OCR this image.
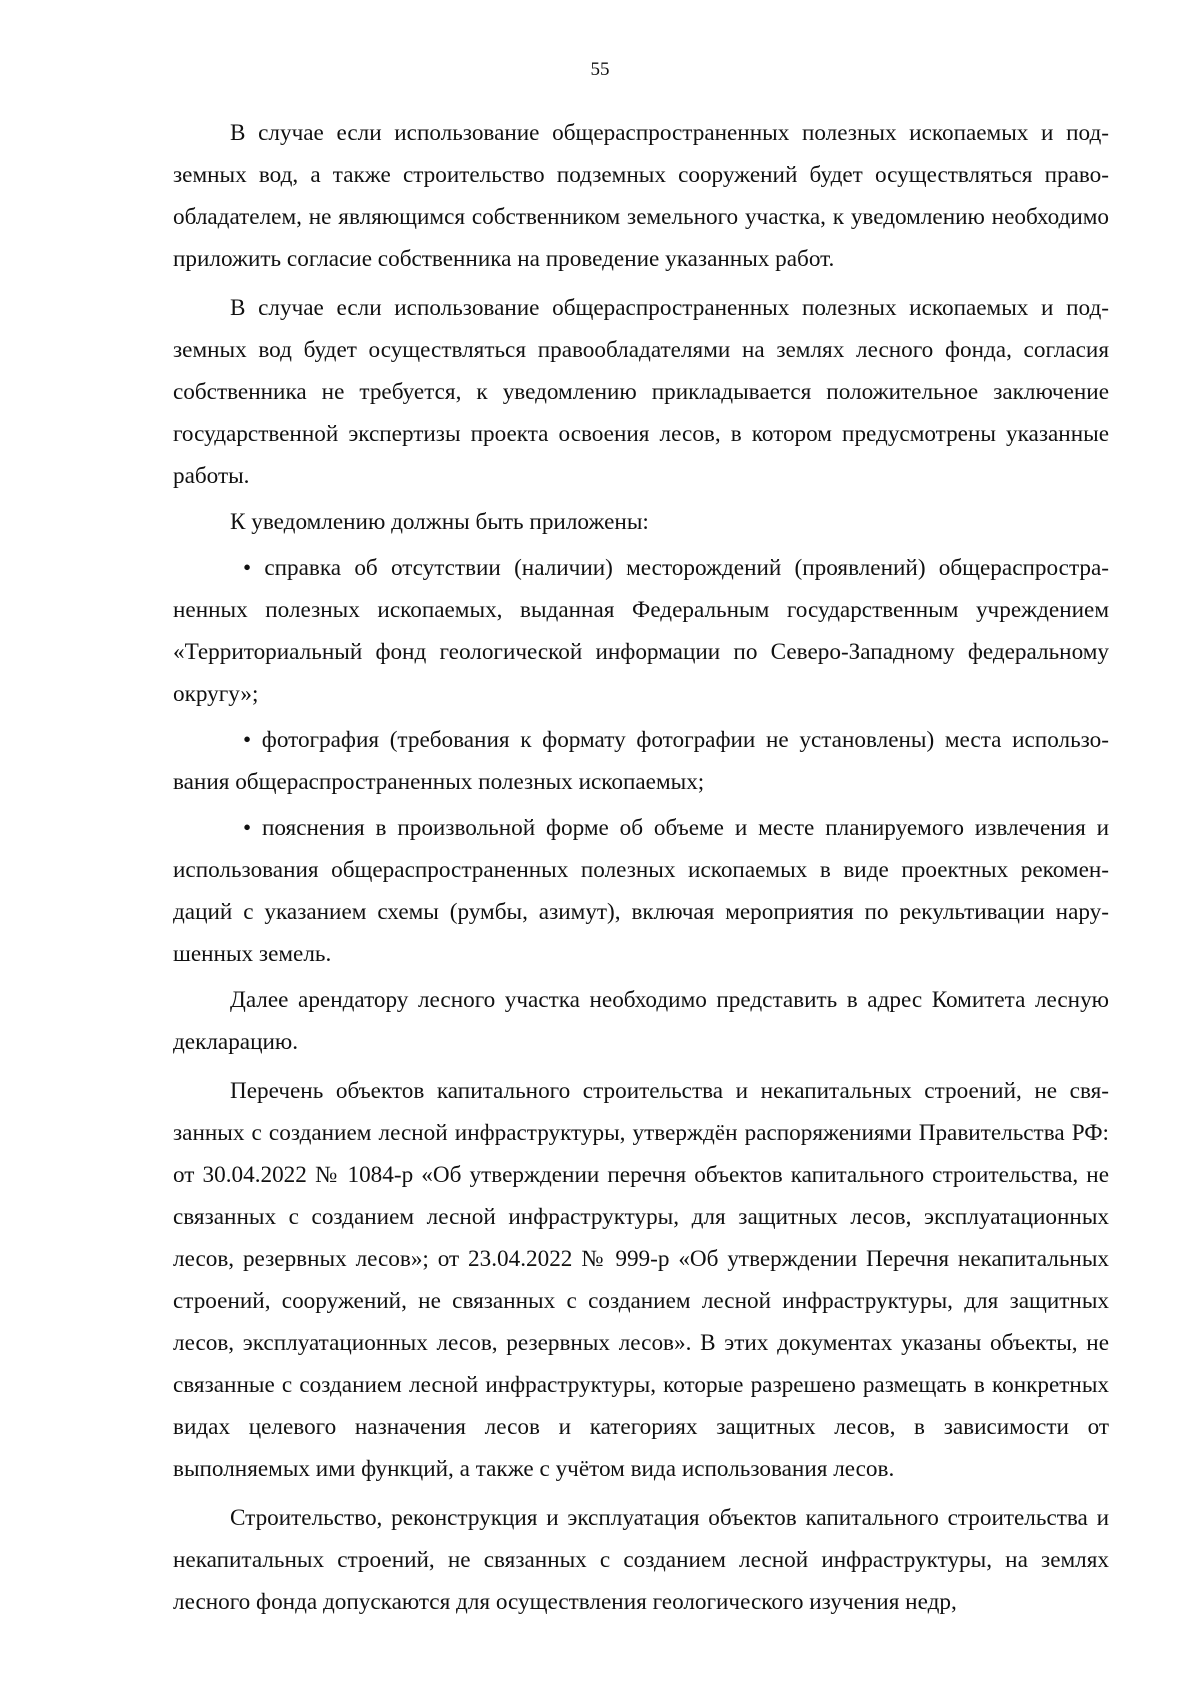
55

В случае если использование общераспространенных полезных ископаемых и подземных вод, а также строительство подземных сооружений будет осуществляться правообладателем, не являющимся собственником земельного участка, к уведомлению необходимо приложить согласие собственника на проведение указанных работ.

В случае если использование общераспространенных полезных ископаемых и подземных вод будет осуществляться правообладателями на землях лесного фонда, согласия собственника не требуется, к уведомлению прикладывается положительное заключение государственной экспертизы проекта освоения лесов, в котором предусмотрены указанные работы.

К уведомлению должны быть приложены:

• справка об отсутствии (наличии) месторождений (проявлений) общераспространенных полезных ископаемых, выданная Федеральным государственным учреждением «Территориальный фонд геологической информации по Северо-Западному федеральному округу»;

• фотография (требования к формату фотографии не установлены) места использования общераспространенных полезных ископаемых;

• пояснения в произвольной форме об объеме и месте планируемого извлечения и использования общераспространенных полезных ископаемых в виде проектных рекомендаций с указанием схемы (румбы, азимут), включая мероприятия по рекультивации нарушенных земель.

Далее арендатору лесного участка необходимо представить в адрес Комитета лесную декларацию.

Перечень объектов капитального строительства и некапитальных строений, не связанных с созданием лесной инфраструктуры, утверждён распоряжениями Правительства РФ: от 30.04.2022 № 1084-р «Об утверждении перечня объектов капитального строительства, не связанных с созданием лесной инфраструктуры, для защитных лесов, эксплуатационных лесов, резервных лесов»; от 23.04.2022 № 999-р «Об утверждении Перечня некапитальных строений, сооружений, не связанных с созданием лесной инфраструктуры, для защитных лесов, эксплуатационных лесов, резервных лесов». В этих документах указаны объекты, не связанные с созданием лесной инфраструктуры, которые разрешено размещать в конкретных видах целевого назначения лесов и категориях защитных лесов, в зависимости от выполняемых ими функций, а также с учётом вида использования лесов.

Строительство, реконструкция и эксплуатация объектов капитального строительства и некапитальных строений, не связанных с созданием лесной инфраструктуры, на землях лесного фонда допускаются для осуществления геологического изучения недр,
